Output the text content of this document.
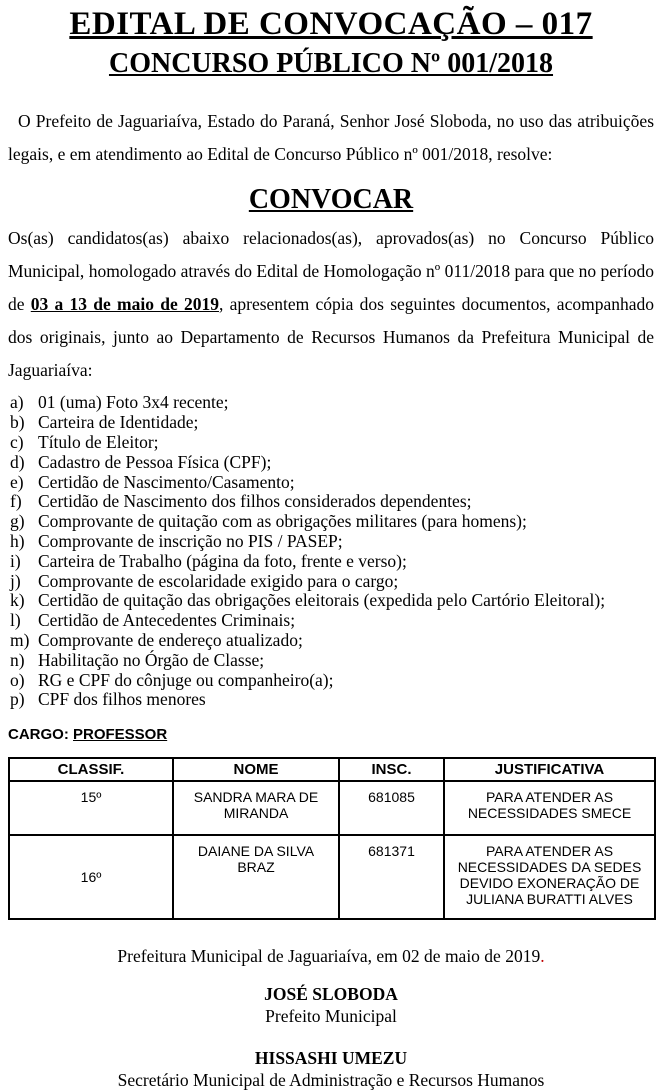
EDITAL DE CONVOCAÇÃO – 017
CONCURSO PÚBLICO Nº 001/2018

O Prefeito de Jaguariaíva, Estado do Paraná, Senhor José Sloboda, no uso das atribuições legais, e em atendimento ao Edital de Concurso Público nº 001/2018, resolve:

CONVOCAR

Os(as) candidatos(as) abaixo relacionados(as), aprovados(as) no Concurso Público Municipal, homologado através do Edital de Homologação nº 011/2018 para que no período de 03 a 13 de maio de 2019, apresentem cópia dos seguintes documentos, acompanhado dos originais, junto ao Departamento de Recursos Humanos da Prefeitura Municipal de Jaguariaíva:

a) 01 (uma) Foto 3x4 recente;
b) Carteira de Identidade;
c) Título de Eleitor;
d) Cadastro de Pessoa Física (CPF);
e) Certidão de Nascimento/Casamento;
f) Certidão de Nascimento dos filhos considerados dependentes;
g) Comprovante de quitação com as obrigações militares (para homens);
h) Comprovante de inscrição no PIS / PASEP;
i) Carteira de Trabalho (página da foto, frente e verso);
j) Comprovante de escolaridade exigido para o cargo;
k) Certidão de quitação das obrigações eleitorais (expedida pelo Cartório Eleitoral);
l) Certidão de Antecedentes Criminais;
m) Comprovante de endereço atualizado;
n) Habilitação no Órgão de Classe;
o) RG e CPF do cônjuge ou companheiro(a);
p) CPF dos filhos menores

CARGO: PROFESSOR

CLASSIF.	NOME	INSC.	JUSTIFICATIVA
15º	SANDRA MARA DE MIRANDA	681085	PARA ATENDER AS NECESSIDADES SMECE
16º	DAIANE DA SILVA BRAZ	681371	PARA ATENDER AS NECESSIDADES DA SEDES DEVIDO EXONERAÇÃO DE JULIANA BURATTI ALVES

Prefeitura Municipal de Jaguariaíva, em 02 de maio de 2019.

JOSÉ SLOBODA
Prefeito Municipal
HISSASHI UMEZU
Secretário Municipal de Administração e Recursos Humanos
